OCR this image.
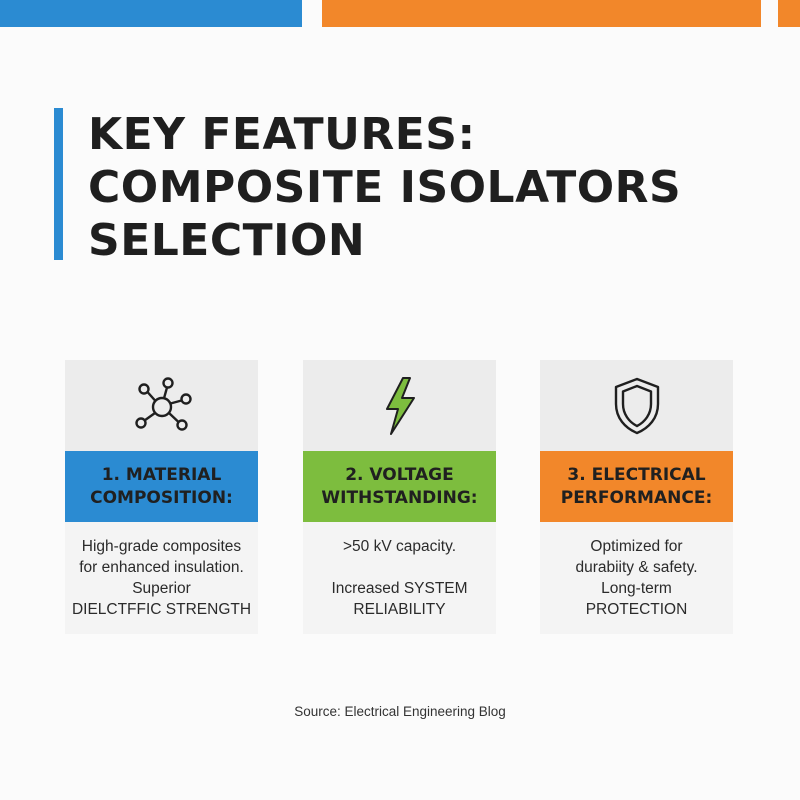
KEY FEATURES:
COMPOSITE ISOLATORS
SELECTION
1. MATERIAL
COMPOSITION:
High-grade composites
for enhanced insulation.
Superior
DIELCTFFIC STRENGTH
2. VOLTAGE
WITHSTANDING:
>50 kV capacity.
Increased SYSTEM
RELIABILITY
3. ELECTRICAL
PERFORMANCE:
Optimized for
durabiity & safety.
Long-term
PROTECTION
Source: Electrical Engineering Blog
